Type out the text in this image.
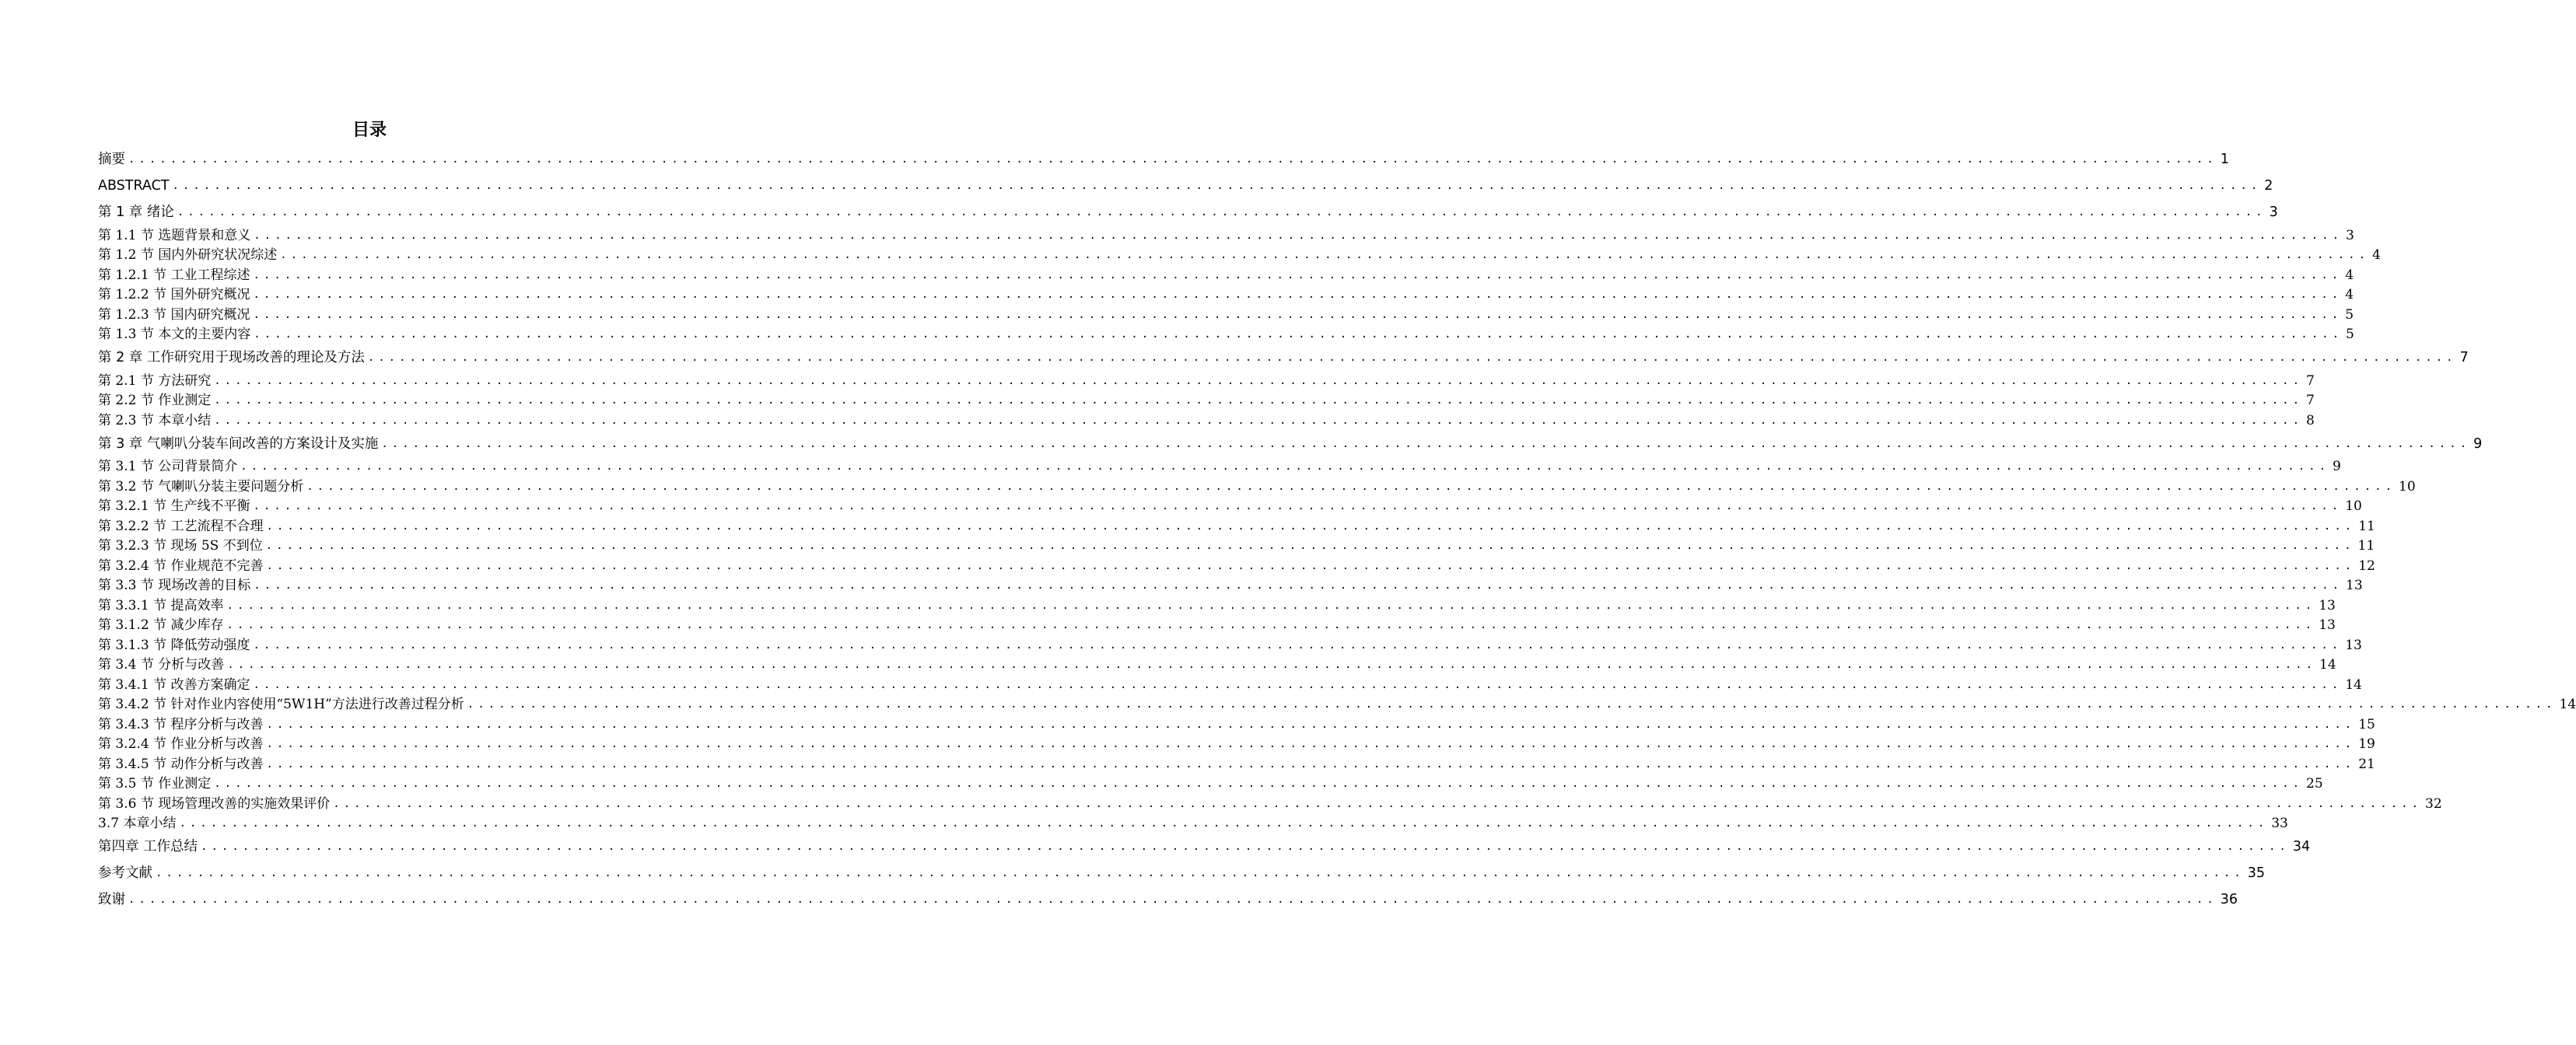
目录
摘要 ........................................................................................................................................................................................................ 1
ABSTRACT ........................................................................................................................................................................................................ 2
第 1 章 绪论 ........................................................................................................................................................................................................ 3
第 1.1 节 选题背景和意义 ........................................................................................................................................................................................................ 3
第 1.2 节 国内外研究状况综述 ........................................................................................................................................................................................................ 4
第 1.2.1 节 工业工程综述 ........................................................................................................................................................................................................ 4
第 1.2.2 节 国外研究概况 ........................................................................................................................................................................................................ 4
第 1.2.3 节 国内研究概况 ........................................................................................................................................................................................................ 5
第 1.3 节 本文的主要内容 ........................................................................................................................................................................................................ 5
第 2 章 工作研究用于现场改善的理论及方法 ........................................................................................................................................................................................................ 7
第 2.1 节 方法研究 ........................................................................................................................................................................................................ 7
第 2.2 节 作业测定 ........................................................................................................................................................................................................ 7
第 2.3 节 本章小结 ........................................................................................................................................................................................................ 8
第 3 章 气喇叭分装车间改善的方案设计及实施 ........................................................................................................................................................................................................ 9
第 3.1 节 公司背景简介 ........................................................................................................................................................................................................ 9
第 3.2 节 气喇叭分装主要问题分析 ........................................................................................................................................................................................................ 10
第 3.2.1 节 生产线不平衡 ........................................................................................................................................................................................................ 10
第 3.2.2 节 工艺流程不合理 ........................................................................................................................................................................................................ 11
第 3.2.3 节 现场 5S 不到位 ........................................................................................................................................................................................................ 11
第 3.2.4 节 作业规范不完善 ........................................................................................................................................................................................................ 12
第 3.3 节 现场改善的目标 ........................................................................................................................................................................................................ 13
第 3.3.1 节 提高效率 ........................................................................................................................................................................................................ 13
第 3.1.2 节 减少库存 ........................................................................................................................................................................................................ 13
第 3.1.3 节 降低劳动强度 ........................................................................................................................................................................................................ 13
第 3.4 节 分析与改善 ........................................................................................................................................................................................................ 14
第 3.4.1 节 改善方案确定 ........................................................................................................................................................................................................ 14
第 3.4.2 节 针对作业内容使用“5W1H”方法进行改善过程分析 ........................................................................................................................................................................................................ 14
第 3.4.3 节 程序分析与改善 ........................................................................................................................................................................................................ 15
第 3.2.4 节 作业分析与改善 ........................................................................................................................................................................................................ 19
第 3.4.5 节 动作分析与改善 ........................................................................................................................................................................................................ 21
第 3.5 节 作业测定 ........................................................................................................................................................................................................ 25
第 3.6 节 现场管理改善的实施效果评价 ........................................................................................................................................................................................................ 32
3.7 本章小结 ........................................................................................................................................................................................................ 33
第四章 工作总结 ........................................................................................................................................................................................................ 34
参考文献 ........................................................................................................................................................................................................ 35
致谢 ........................................................................................................................................................................................................ 36
